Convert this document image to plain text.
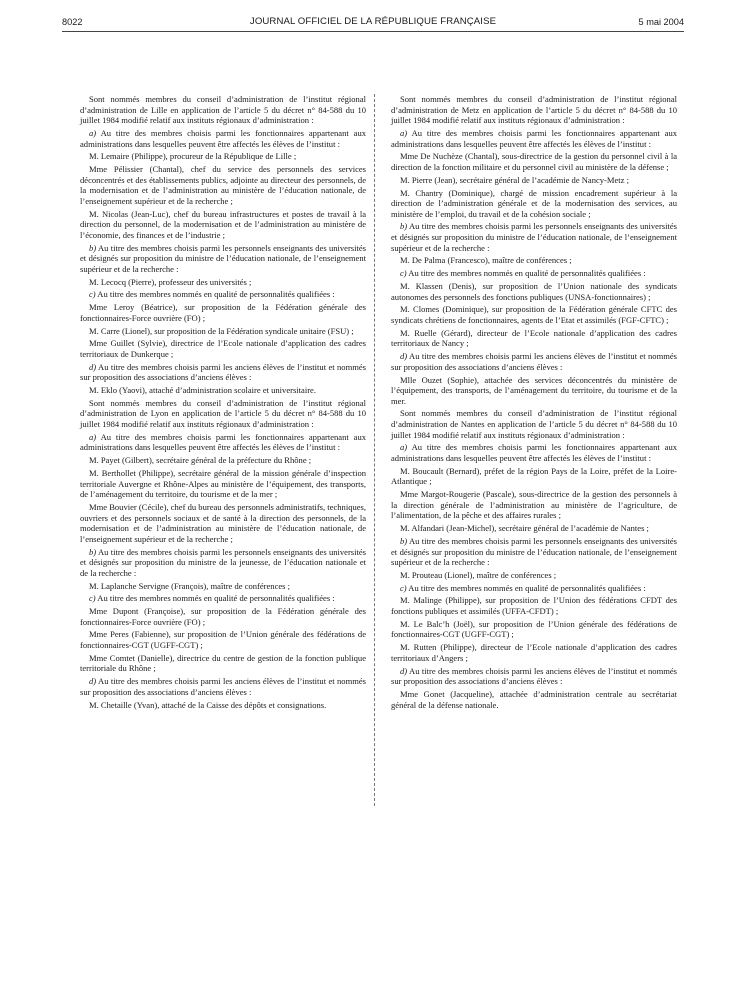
8022	JOURNAL OFFICIEL DE LA RÉPUBLIQUE FRANÇAISE	5 mai 2004

Sont nommés membres du conseil d’administration de l’institut régional d’administration de Lille en application de l’article 5 du décret n° 84-588 du 10 juillet 1984 modifié relatif aux instituts régionaux d’administration :

a) Au titre des membres choisis parmi les fonctionnaires appartenant aux administrations dans lesquelles peuvent être affectés les élèves de l’institut :

M. Lemaire (Philippe), procureur de la République de Lille ;

Mme Pélissier (Chantal), chef du service des personnels des services déconcentrés et des établissements publics, adjointe au directeur des personnels, de la modernisation et de l’administration au ministère de l’éducation nationale, de l’enseignement supérieur et de la recherche ;

M. Nicolas (Jean-Luc), chef du bureau infrastructures et postes de travail à la direction du personnel, de la modernisation et de l’administration au ministère de l’économie, des finances et de l’industrie ;

b) Au titre des membres choisis parmi les personnels enseignants des universités et désignés sur proposition du ministre de l’éducation nationale, de l’enseignement supérieur et de la recherche :

M. Lecocq (Pierre), professeur des universités ;

c) Au titre des membres nommés en qualité de personnalités qualifiées :

Mme Leroy (Béatrice), sur proposition de la Fédération générale des fonctionnaires-Force ouvrière (FO) ;

M. Carre (Lionel), sur proposition de la Fédération syndicale unitaire (FSU) ;

Mme Guillet (Sylvie), directrice de l’Ecole nationale d’application des cadres territoriaux de Dunkerque ;

d) Au titre des membres choisis parmi les anciens élèves de l’institut et nommés sur proposition des associations d’anciens élèves :

M. Eklo (Yaovi), attaché d’administration scolaire et universitaire.

Sont nommés membres du conseil d’administration de l’institut régional d’administration de Lyon en application de l’article 5 du décret n° 84-588 du 10 juillet 1984 modifié relatif aux instituts régionaux d’administration :

a) Au titre des membres choisis parmi les fonctionnaires appartenant aux administrations dans lesquelles peuvent être affectés les élèves de l’institut :

M. Payet (Gilbert), secrétaire général de la préfecture du Rhône ;

M. Berthollet (Philippe), secrétaire général de la mission générale d’inspection territoriale Auvergne et Rhône-Alpes au ministère de l’équipement, des transports, de l’aménagement du territoire, du tourisme et de la mer ;

Mme Bouvier (Cécile), chef du bureau des personnels administratifs, techniques, ouvriers et des personnels sociaux et de santé à la direction des personnels, de la modernisation et de l’administration au ministère de l’éducation nationale, de l’enseignement supérieur et de la recherche ;

b) Au titre des membres choisis parmi les personnels enseignants des universités et désignés sur proposition du ministre de la jeunesse, de l’éducation nationale et de la recherche :

M. Laplanche Servigne (François), maître de conférences ;

c) Au titre des membres nommés en qualité de personnalités qualifiées :

Mme Dupont (Françoise), sur proposition de la Fédération générale des fonctionnaires-Force ouvrière (FO) ;

Mme Peres (Fabienne), sur proposition de l’Union générale des fédérations de fonctionnaires-CGT (UGFF-CGT) ;

Mme Comtet (Danielle), directrice du centre de gestion de la fonction publique territoriale du Rhône ;

d) Au titre des membres choisis parmi les anciens élèves de l’institut et nommés sur proposition des associations d’anciens élèves :

M. Chetaille (Yvan), attaché de la Caisse des dépôts et consignations.

Sont nommés membres du conseil d’administration de l’institut régional d’administration de Metz en application de l’article 5 du décret n° 84-588 du 10 juillet 1984 modifié relatif aux instituts régionaux d’administration :

a) Au titre des membres choisis parmi les fonctionnaires appartenant aux administrations dans lesquelles peuvent être affectés les élèves de l’institut :

Mme De Nuchèze (Chantal), sous-directrice de la gestion du personnel civil à la direction de la fonction militaire et du personnel civil au ministère de la défense ;

M. Pierre (Jean), secrétaire général de l’académie de Nancy-Metz ;

M. Chantry (Dominique), chargé de mission encadrement supérieur à la direction de l’administration générale et de la modernisation des services, au ministère de l’emploi, du travail et de la cohésion sociale ;

b) Au titre des membres choisis parmi les personnels enseignants des universités et désignés sur proposition du ministre de l’éducation nationale, de l’enseignement supérieur et de la recherche :

M. De Palma (Francesco), maître de conférences ;

c) Au titre des membres nommés en qualité de personnalités qualifiées :

M. Klassen (Denis), sur proposition de l’Union nationale des syndicats autonomes des personnels des fonctions publiques (UNSA-fonctionnaires) ;

M. Clomes (Dominique), sur proposition de la Fédération générale CFTC des syndicats chrétiens de fonctionnaires, agents de l’Etat et assimilés (FGF-CFTC) ;

M. Ruelle (Gérard), directeur de l’Ecole nationale d’application des cadres territoriaux de Nancy ;

d) Au titre des membres choisis parmi les anciens élèves de l’institut et nommés sur proposition des associations d’anciens élèves :

Mlle Ouzet (Sophie), attachée des services déconcentrés du ministère de l’équipement, des transports, de l’aménagement du territoire, du tourisme et de la mer.

Sont nommés membres du conseil d’administration de l’institut régional d’administration de Nantes en application de l’article 5 du décret n° 84-588 du 10 juillet 1984 modifié relatif aux instituts régionaux d’administration :

a) Au titre des membres choisis parmi les fonctionnaires appartenant aux administrations dans lesquelles peuvent être affectés les élèves de l’institut :

M. Boucault (Bernard), préfet de la région Pays de la Loire, préfet de la Loire-Atlantique ;

Mme Margot-Rougerie (Pascale), sous-directrice de la gestion des personnels à la direction générale de l’administration au ministère de l’agriculture, de l’alimentation, de la pêche et des affaires rurales ;

M. Alfandari (Jean-Michel), secrétaire général de l’académie de Nantes ;

b) Au titre des membres choisis parmi les personnels enseignants des universités et désignés sur proposition du ministre de l’éducation nationale, de l’enseignement supérieur et de la recherche :

M. Prouteau (Lionel), maître de conférences ;

c) Au titre des membres nommés en qualité de personnalités qualifiées :

M. Malinge (Philippe), sur proposition de l’Union des fédérations CFDT des fonctions publiques et assimilés (UFFA-CFDT) ;

M. Le Balc’h (Joël), sur proposition de l’Union générale des fédérations de fonctionnaires-CGT (UGFF-CGT) ;

M. Rutten (Philippe), directeur de l’Ecole nationale d’application des cadres territoriaux d’Angers ;

d) Au titre des membres choisis parmi les anciens élèves de l’institut et nommés sur proposition des associations d’anciens élèves :

Mme Gonet (Jacqueline), attachée d’administration centrale au secrétariat général de la défense nationale.
